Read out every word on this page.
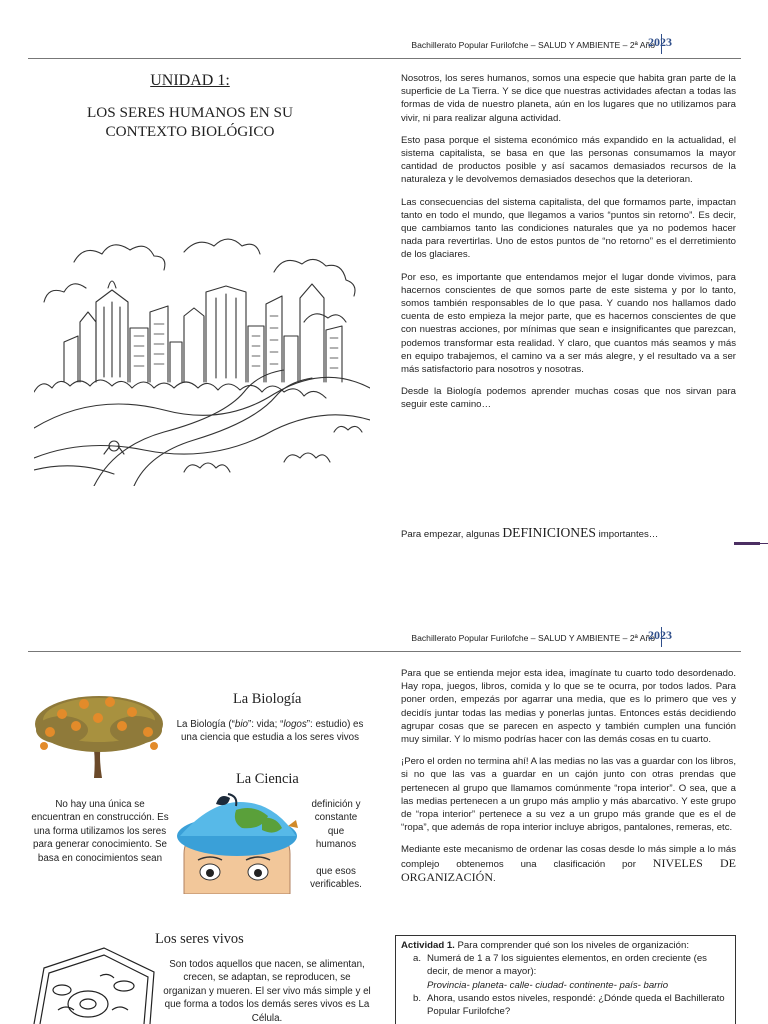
Bachillerato Popular Furilofche – SALUD Y AMBIENTE – 2ª Año
2023
UNIDAD 1:
LOS SERES HUMANOS EN SU
CONTEXTO BIOLÓGICO

Nosotros, los seres humanos, somos una especie que habita gran parte de la superficie de La Tierra. Y se dice que nuestras actividades afectan a todas las formas de vida de nuestro planeta, aún en los lugares que no utilizamos para vivir, ni para realizar alguna actividad.

Esto pasa porque el sistema económico más expandido en la actualidad, el sistema capitalista, se basa en que las personas consumamos la mayor cantidad de productos posible y así sacamos demasiados recursos de la naturaleza y le devolvemos demasiados desechos que la deterioran.

Las consecuencias del sistema capitalista, del que formamos parte, impactan tanto en todo el mundo, que llegamos a varios “puntos sin retorno”. Es decir, que cambiamos tanto las condiciones naturales que ya no podemos hacer nada para revertirlas. Uno de estos puntos de “no retorno” es el derretimiento de los glaciares.

Por eso, es importante que entendamos mejor el lugar donde vivimos, para hacernos conscientes de que somos parte de este sistema y por lo tanto, somos también responsables de lo que pasa. Y cuando nos hallamos dado cuenta de esto empieza la mejor parte, que es hacernos conscientes de que con nuestras acciones, por mínimas que sean e insignificantes que parezcan, podemos transformar esta realidad. Y claro, que cuantos más seamos y más en equipo trabajemos, el camino va a ser más alegre, y el resultado va a ser más satisfactorio para nosotros y nosotras.

Desde la Biología podemos aprender muchas cosas que nos sirvan para seguir este camino…

Para empezar, algunas DEFINICIONES importantes…
Bachillerato Popular Furilofche – SALUD Y AMBIENTE – 2ª Año
2023
La Biología
La Biología (“bio”: vida; “logos”: estudio) es una ciencia que estudia a los seres vivos
La Ciencia
No hay una única se encuentran en construcción. Es una forma utilizamos los seres para generar conocimiento. Se basa en conocimientos sean
definición y
constante
que
humanos
que esos
verificables.
Los seres vivos
Son todos aquellos que nacen, se alimentan, crecen, se adaptan, se reproducen, se organizan y mueren. El ser vivo más simple y el que forma a todos los demás seres vivos es La Célula.

Para que se entienda mejor esta idea, imagínate tu cuarto todo desordenado. Hay ropa, juegos, libros, comida y lo que se te ocurra, por todos lados. Para poner orden, empezás por agarrar una media, que es lo primero que ves y decidís juntar todas las medias y ponerlas juntas. Entonces estás decidiendo agrupar cosas que se parecen en aspecto y también cumplen una función muy similar. Y lo mismo podrías hacer con las demás cosas en tu cuarto.

¡Pero el orden no termina ahí! A las medias no las vas a guardar con los libros, si no que las vas a guardar en un cajón junto con otras prendas que pertenecen al grupo que llamamos comúnmente “ropa interior”. O sea, que a las medias pertenecen a un grupo más amplio y más abarcativo. Y este grupo de “ropa interior” pertenece a su vez a un grupo más grande que es el de “ropa”, que además de ropa interior incluye abrigos, pantalones, remeras, etc.

Mediante este mecanismo de ordenar las cosas desde lo más simple a lo más complejo obtenemos una clasificación por NIVELES DE ORGANIZACIÓN.

Actividad 1. Para comprender qué son los niveles de organización:
a. Numerá de 1 a 7 los siguientes elementos, en orden creciente (es decir, de menor a mayor):
Provincia- planeta- calle- ciudad- continente- país- barrio
b. Ahora, usando estos niveles, respondé: ¿Dónde queda el Bachillerato Popular Furilofche?
